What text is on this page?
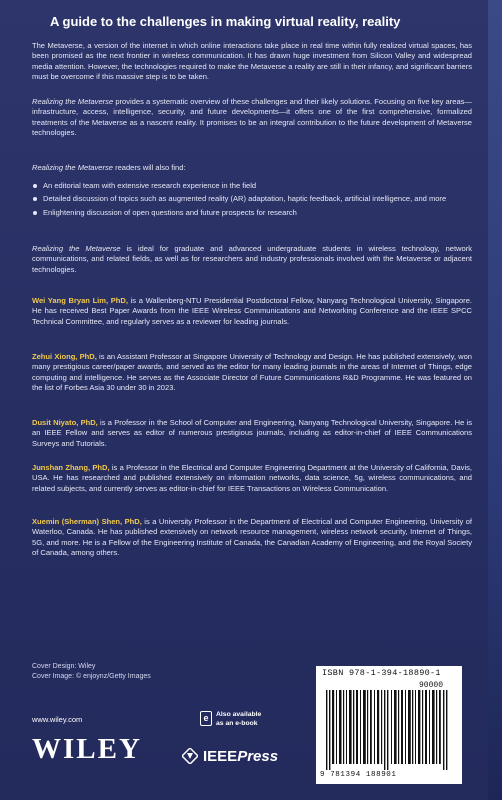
A guide to the challenges in making virtual reality, reality
The Metaverse, a version of the internet in which online interactions take place in real time within fully realized virtual spaces, has been promised as the next frontier in wireless communication. It has drawn huge investment from Silicon Valley and widespread media attention. However, the technologies required to make the Metaverse a reality are still in their infancy, and significant barriers must be overcome if this massive step is to be taken.
Realizing the Metaverse provides a systematic overview of these challenges and their likely solutions. Focusing on five key areas—infrastructure, access, intelligence, security, and future developments—it offers one of the first comprehensive, formalized treatments of the Metaverse as a nascent reality. It promises to be an integral contribution to the future development of Metaverse technologies.
Realizing the Metaverse readers will also find:
An editorial team with extensive research experience in the field
Detailed discussion of topics such as augmented reality (AR) adaptation, haptic feedback, artificial intelligence, and more
Enlightening discussion of open questions and future prospects for research
Realizing the Metaverse is ideal for graduate and advanced undergraduate students in wireless technology, network communications, and related fields, as well as for researchers and industry professionals involved with the Metaverse or adjacent technologies.
Wei Yang Bryan Lim, PhD, is a Wallenberg-NTU Presidential Postdoctoral Fellow, Nanyang Technological University, Singapore. He has received Best Paper Awards from the IEEE Wireless Communications and Networking Conference and the IEEE SPCC Technical Committee, and regularly serves as a reviewer for leading journals.
Zehui Xiong, PhD, is an Assistant Professor at Singapore University of Technology and Design. He has published extensively, won many prestigious career/paper awards, and served as the editor for many leading journals in the areas of Internet of Things, edge computing and intelligence. He serves as the Associate Director of Future Communications R&D Programme. He was featured on the list of Forbes Asia 30 under 30 in 2023.
Dusit Niyato, PhD, is a Professor in the School of Computer and Engineering, Nanyang Technological University, Singapore. He is an IEEE Fellow and serves as editor of numerous prestigious journals, including as editor-in-chief of IEEE Communications Surveys and Tutorials.
Junshan Zhang, PhD, is a Professor in the Electrical and Computer Engineering Department at the University of California, Davis, USA. He has researched and published extensively on information networks, data science, 5g, wireless communications, and related subjects, and currently serves as editor-in-chief for IEEE Transactions on Wireless Communication.
Xuemin (Sherman) Shen, PhD, is a University Professor in the Department of Electrical and Computer Engineering, University of Waterloo, Canada. He has published extensively on network resource management, wireless network security, Internet of Things, 5G, and more. He is a Fellow of the Engineering Institute of Canada, the Canadian Academy of Engineering, and the Royal Society of Canada, among others.
Cover Design: Wiley
Cover Image: © enjoynz/Getty Images
www.wiley.com
WILEY
e	Also available
as an e-book
IEEEPress
ISBN 978-1-394-18890-1
90000
9 781394 188901
